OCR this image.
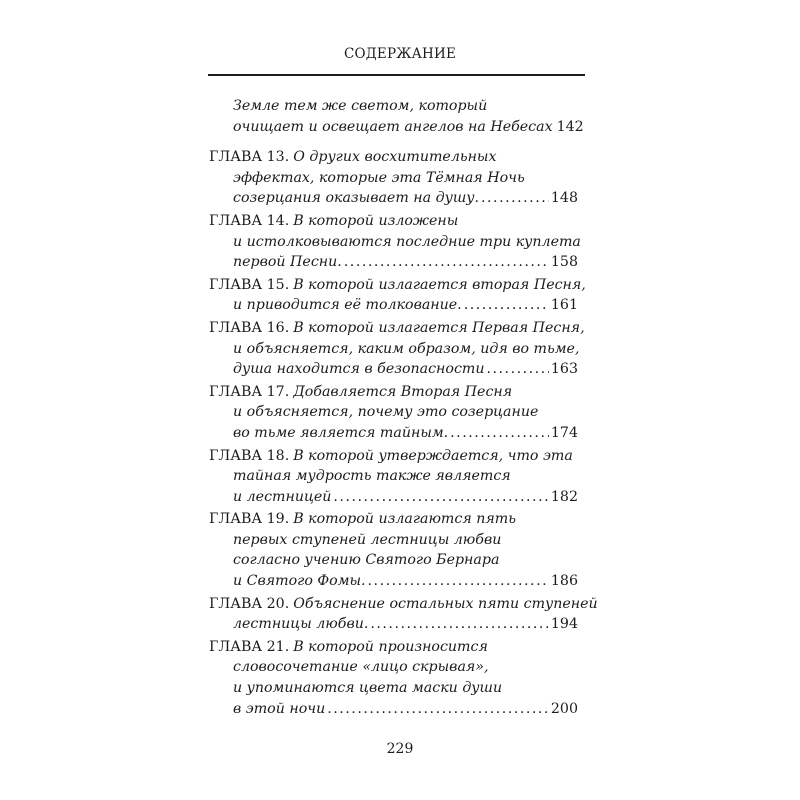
СОДЕРЖАНИЕ
Земле тем же светом, который
очищает и освещает ангелов на Небесах 142
ГЛАВА 13. О других восхитительных
эффектах, которые эта Тёмная Ночь
созерцания оказывает на душу. . . .	148
ГЛАВА 14. В которой изложены
и истолковываются последние три куплета
первой Песни. . . .	158
ГЛАВА 15. В которой излагается вторая Песня,
и приводится её толкование. . . .	161
ГЛАВА 16. В которой излагается Первая Песня,
и объясняется, каким образом, идя во тьме,
душа находится в безопасности . . .	163
ГЛАВА 17. Добавляется Вторая Песня
и объясняется, почему это созерцание
во тьме является тайным. . . .	174
ГЛАВА 18. В которой утверждается, что эта
тайная мудрость также является
и лестницей . . .	182
ГЛАВА 19. В которой излагаются пять
первых ступеней лестницы любви
согласно учению Святого Бернара
и Святого Фомы. . . .	186
ГЛАВА 20. Объяснение остальных пяти ступеней
лестницы любви. . . .	194
ГЛАВА 21. В которой произносится
словосочетание «лицо скрывая»,
и упоминаются цвета маски души
в этой ночи . . .	200
229
